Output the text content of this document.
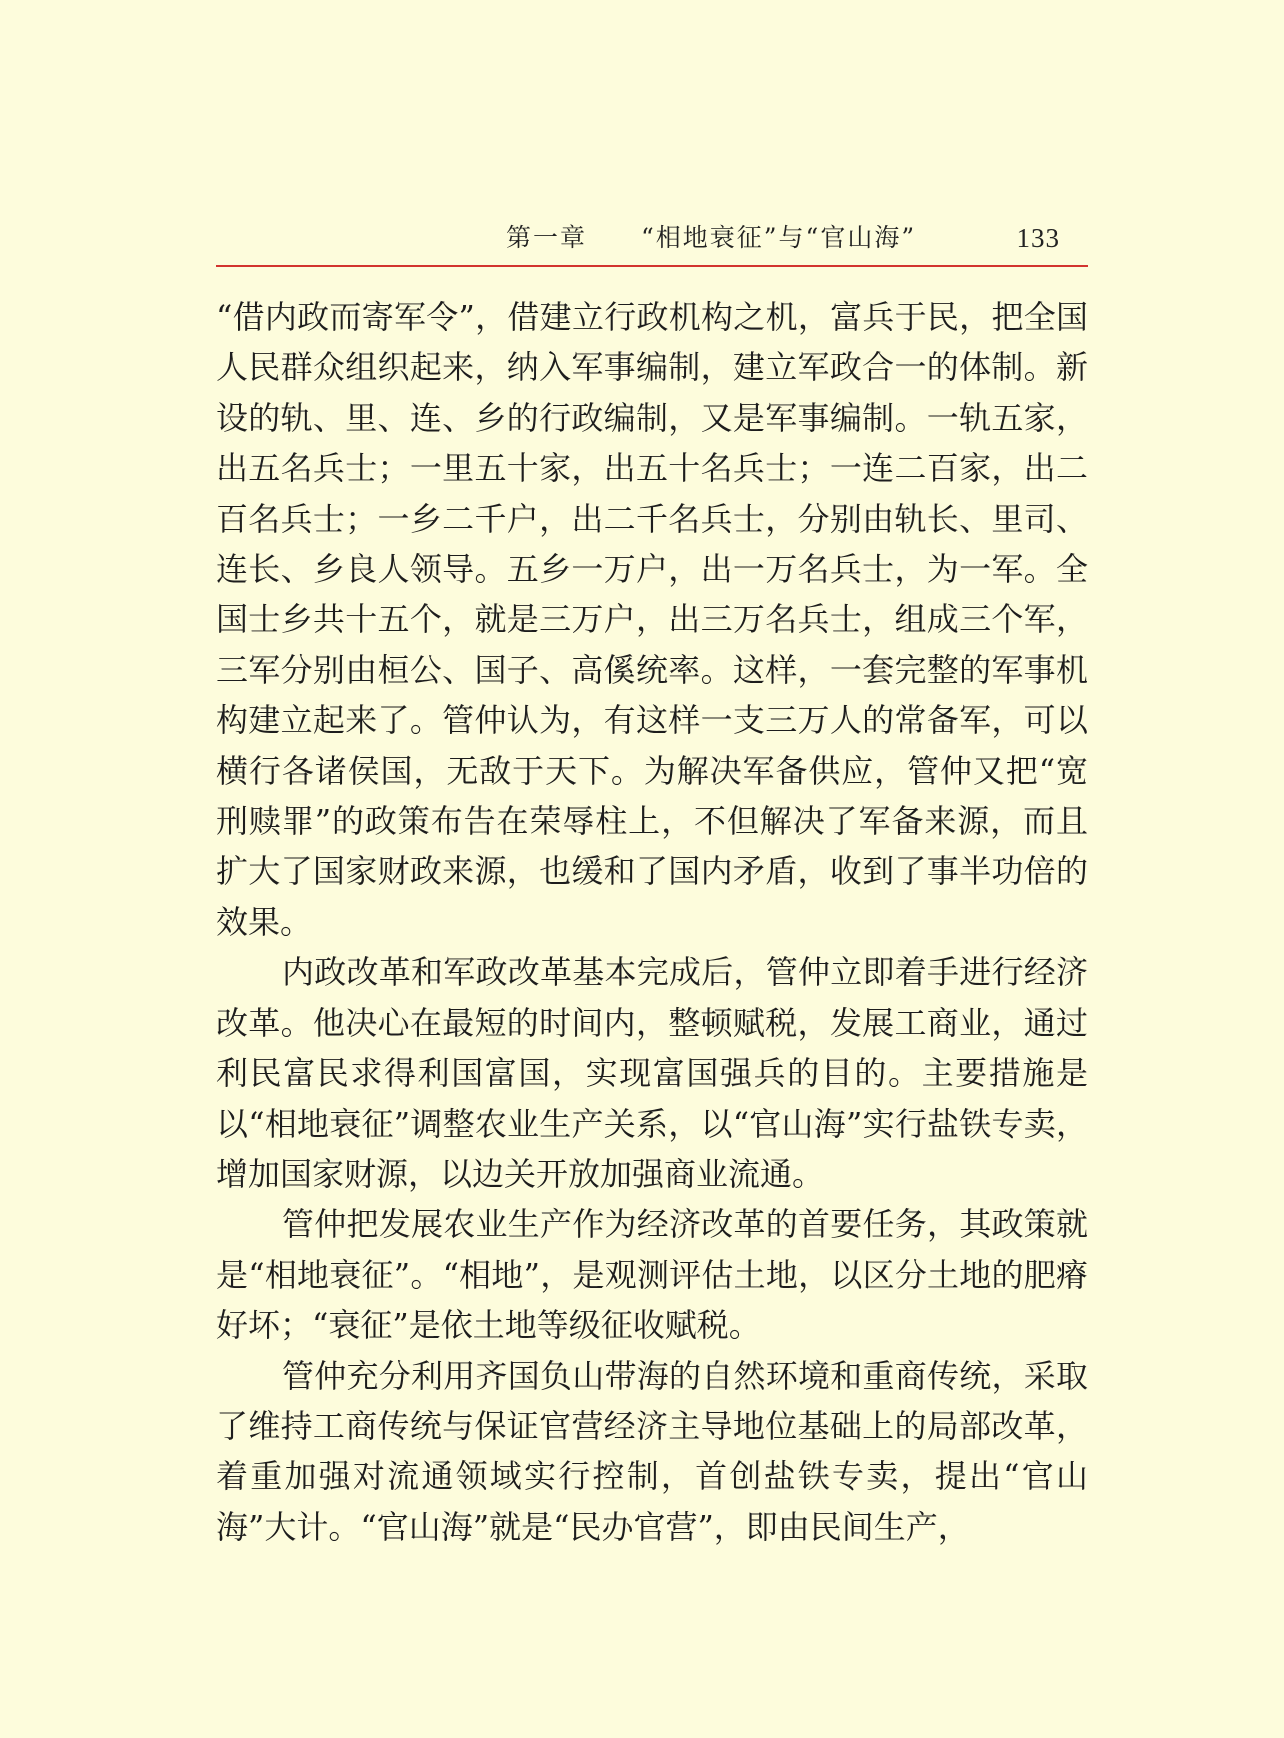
第一章 “相地衰征”与“官山海”	133

“借内政而寄军令”，借建立行政机构之机，富兵于民，把全国人民群众组织起来，纳入军事编制，建立军政合一的体制。新设的轨、里、连、乡的行政编制，又是军事编制。一轨五家，出五名兵士；一里五十家，出五十名兵士；一连二百家，出二百名兵士；一乡二千户，出二千名兵士，分别由轨长、里司、连长、乡良人领导。五乡一万户，出一万名兵士，为一军。全国士乡共十五个，就是三万户，出三万名兵士，组成三个军，三军分别由桓公、国子、高傒统率。这样，一套完整的军事机构建立起来了。管仲认为，有这样一支三万人的常备军，可以横行各诸侯国，无敌于天下。为解决军备供应，管仲又把“宽刑赎罪”的政策布告在荣辱柱上，不但解决了军备来源，而且扩大了国家财政来源，也缓和了国内矛盾，收到了事半功倍的效果。

内政改革和军政改革基本完成后，管仲立即着手进行经济改革。他决心在最短的时间内，整顿赋税，发展工商业，通过利民富民求得利国富国，实现富国强兵的目的。主要措施是以“相地衰征”调整农业生产关系，以“官山海”实行盐铁专卖，增加国家财源，以边关开放加强商业流通。

管仲把发展农业生产作为经济改革的首要任务，其政策就是“相地衰征”。“相地”，是观测评估土地，以区分土地的肥瘠好坏；“衰征”是依土地等级征收赋税。

管仲充分利用齐国负山带海的自然环境和重商传统，采取了维持工商传统与保证官营经济主导地位基础上的局部改革，着重加强对流通领域实行控制，首创盐铁专卖，提出“官山海”大计。“官山海”就是“民办官营”，即由民间生产，
